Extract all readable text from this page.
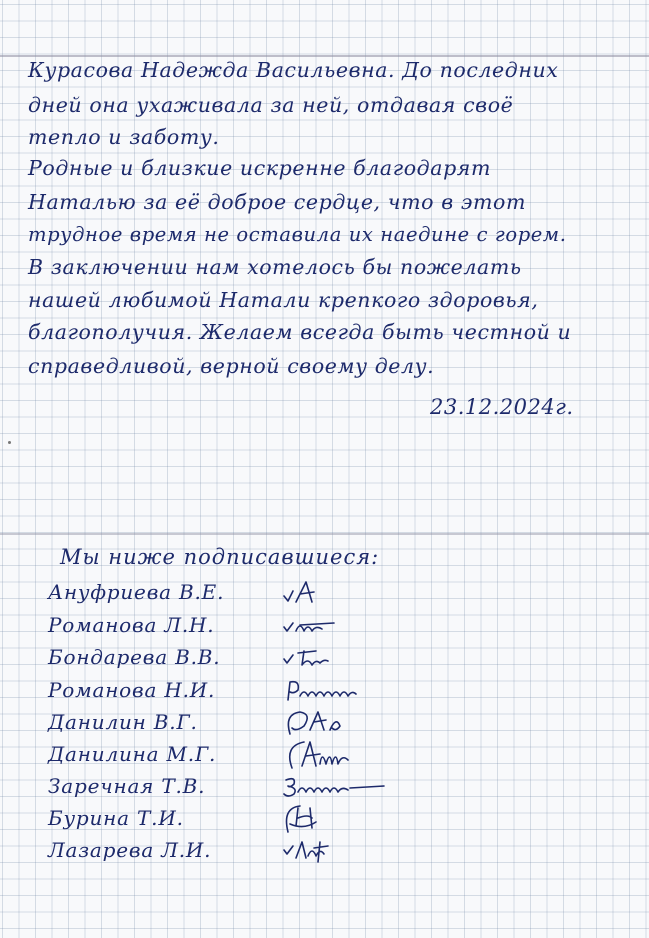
Курасова Надежда Васильевна. До последних
дней она ухаживала за ней, отдавая своё
тепло и заботу.
Родные и близкие искренне благодарят
Наталью за её доброе сердце, что в этот
трудное время не оставила их наедине с горем.
В заключении нам хотелось бы пожелать
нашей любимой Натали крепкого здоровья,
благополучия. Желаем всегда быть честной и
справедливой, верной своему делу.
23.12.2024г.
Мы ниже подписавшиеся:
Ануфриева В.Е.
Романова Л.Н.
Бондарева В.В.
Романова Н.И.
Данилин В.Г.
Данилина М.Г.
Заречная Т.В.
Бурина Т.И.
Лазарева Л.И.
